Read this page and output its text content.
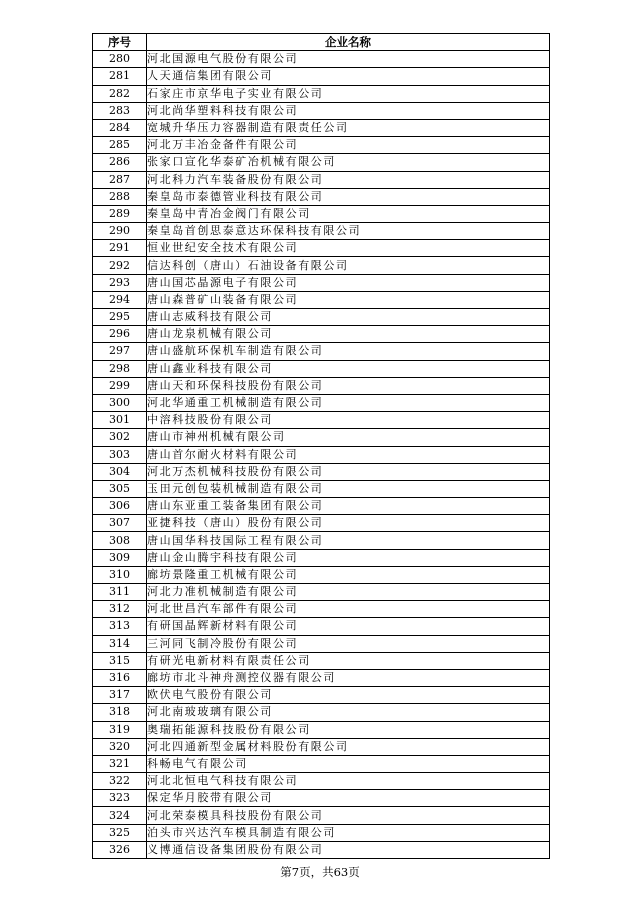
序号	企业名称
280	河北国源电气股份有限公司
281	人天通信集团有限公司
282	石家庄市京华电子实业有限公司
283	河北尚华塑料科技有限公司
284	宽城升华压力容器制造有限责任公司
285	河北万丰冶金备件有限公司
286	张家口宣化华泰矿冶机械有限公司
287	河北科力汽车装备股份有限公司
288	秦皇岛市泰德管业科技有限公司
289	秦皇岛中青冶金阀门有限公司
290	秦皇岛首创思泰意达环保科技有限公司
291	恒业世纪安全技术有限公司
292	信达科创（唐山）石油设备有限公司
293	唐山国芯晶源电子有限公司
294	唐山森普矿山装备有限公司
295	唐山志威科技有限公司
296	唐山龙泉机械有限公司
297	唐山盛航环保机车制造有限公司
298	唐山鑫业科技有限公司
299	唐山天和环保科技股份有限公司
300	河北华通重工机械制造有限公司
301	中溶科技股份有限公司
302	唐山市神州机械有限公司
303	唐山首尔耐火材料有限公司
304	河北万杰机械科技股份有限公司
305	玉田元创包装机械制造有限公司
306	唐山东亚重工装备集团有限公司
307	亚捷科技（唐山）股份有限公司
308	唐山国华科技国际工程有限公司
309	唐山金山腾宇科技有限公司
310	廊坊景隆重工机械有限公司
311	河北力准机械制造有限公司
312	河北世昌汽车部件有限公司
313	有研国晶辉新材料有限公司
314	三河同飞制冷股份有限公司
315	有研光电新材料有限责任公司
316	廊坊市北斗神舟测控仪器有限公司
317	欧伏电气股份有限公司
318	河北南玻玻璃有限公司
319	奥瑞拓能源科技股份有限公司
320	河北四通新型金属材料股份有限公司
321	科畅电气有限公司
322	河北北恒电气科技有限公司
323	保定华月胶带有限公司
324	河北荣泰模具科技股份有限公司
325	泊头市兴达汽车模具制造有限公司
326	义博通信设备集团股份有限公司
第7页，共63页
